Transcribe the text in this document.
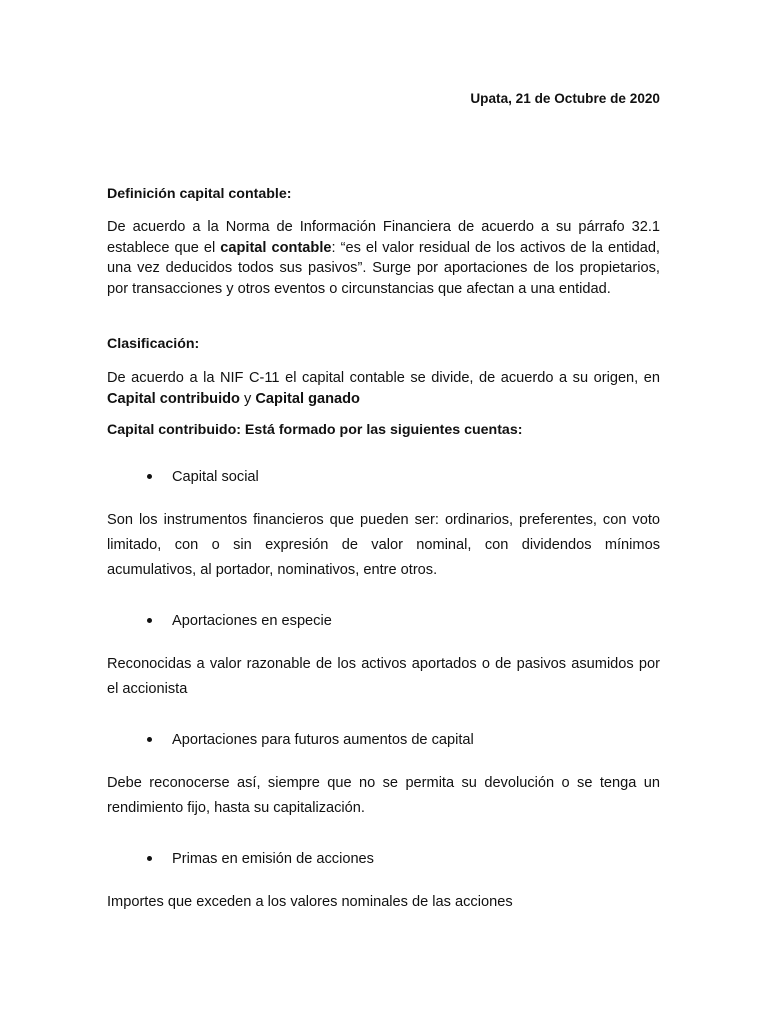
Upata, 21 de Octubre de 2020
Definición capital contable:
De acuerdo a la Norma de Información Financiera de acuerdo a su párrafo 32.1 establece que el capital contable: “es el valor residual de los activos de la entidad, una vez deducidos todos sus pasivos”. Surge por aportaciones de los propietarios, por transacciones y otros eventos o circunstancias que afectan a una entidad.
Clasificación:
De acuerdo a la NIF C-11 el capital contable se divide, de acuerdo a su origen, en Capital contribuido y Capital ganado
Capital contribuido: Está formado por las siguientes cuentas:
Capital social
Son los instrumentos financieros que pueden ser: ordinarios, preferentes, con voto limitado, con o sin expresión de valor nominal, con dividendos mínimos acumulativos, al portador, nominativos, entre otros.
Aportaciones en especie
Reconocidas a valor razonable de los activos aportados o de pasivos asumidos por el accionista
Aportaciones para futuros aumentos de capital
Debe reconocerse así, siempre que no se permita su devolución o se tenga un rendimiento fijo, hasta su capitalización.
Primas en emisión de acciones
Importes que exceden a los valores nominales de las acciones
